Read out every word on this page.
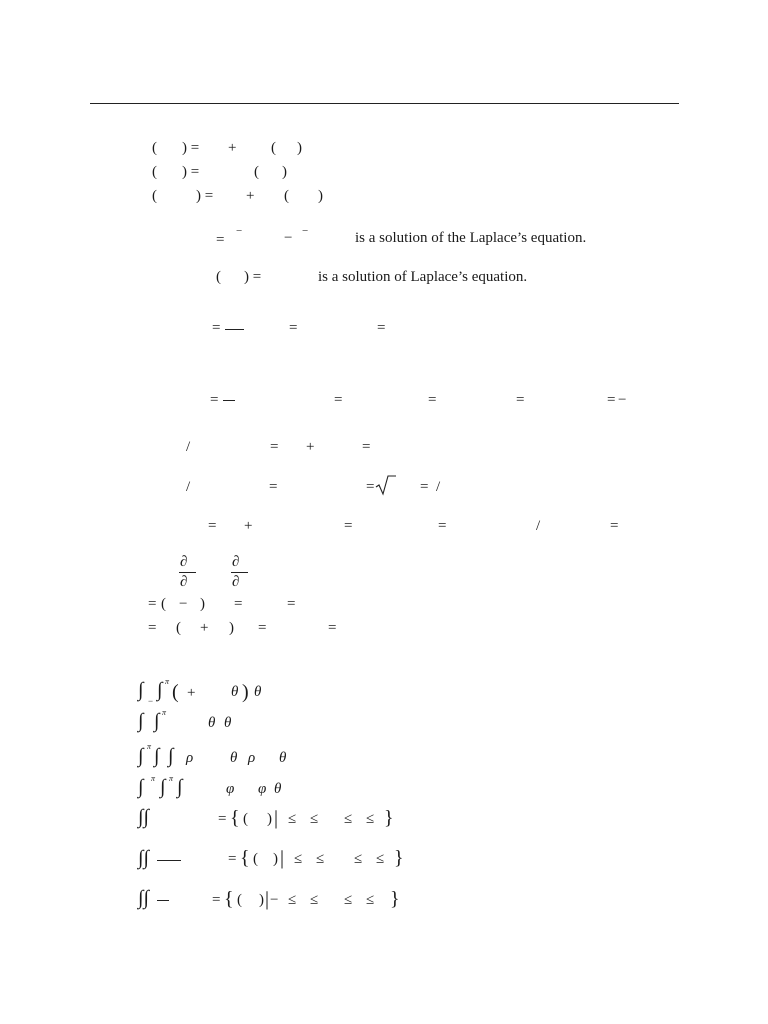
( ) = + ( )
( ) =	( )
(	) = + ( )
=
−	− −	is a solution of the Laplace’s equation.
( ) =	is a solution of Laplace’s equation.
=	=	=
=	=	=	=	= −
/	= +	=
/	=	=	= /
= +	=	=	/	=
∂
∂
∂
∂
= ( − ) =	=
= ( + ) =	=
∫ − ∫ π ( + θ ) θ
∫ ∫ π
θ θ
∫ π ∫ ∫ ρ θ ρ θ
∫ π ∫ π ∫	φ φ θ
∫∫	= { ( ) | ≤ ≤ ≤ ≤ }
∫∫	= { ( ) | ≤ ≤ ≤ ≤ }
∫∫	= { ( ) | − ≤ ≤ ≤ ≤ }
